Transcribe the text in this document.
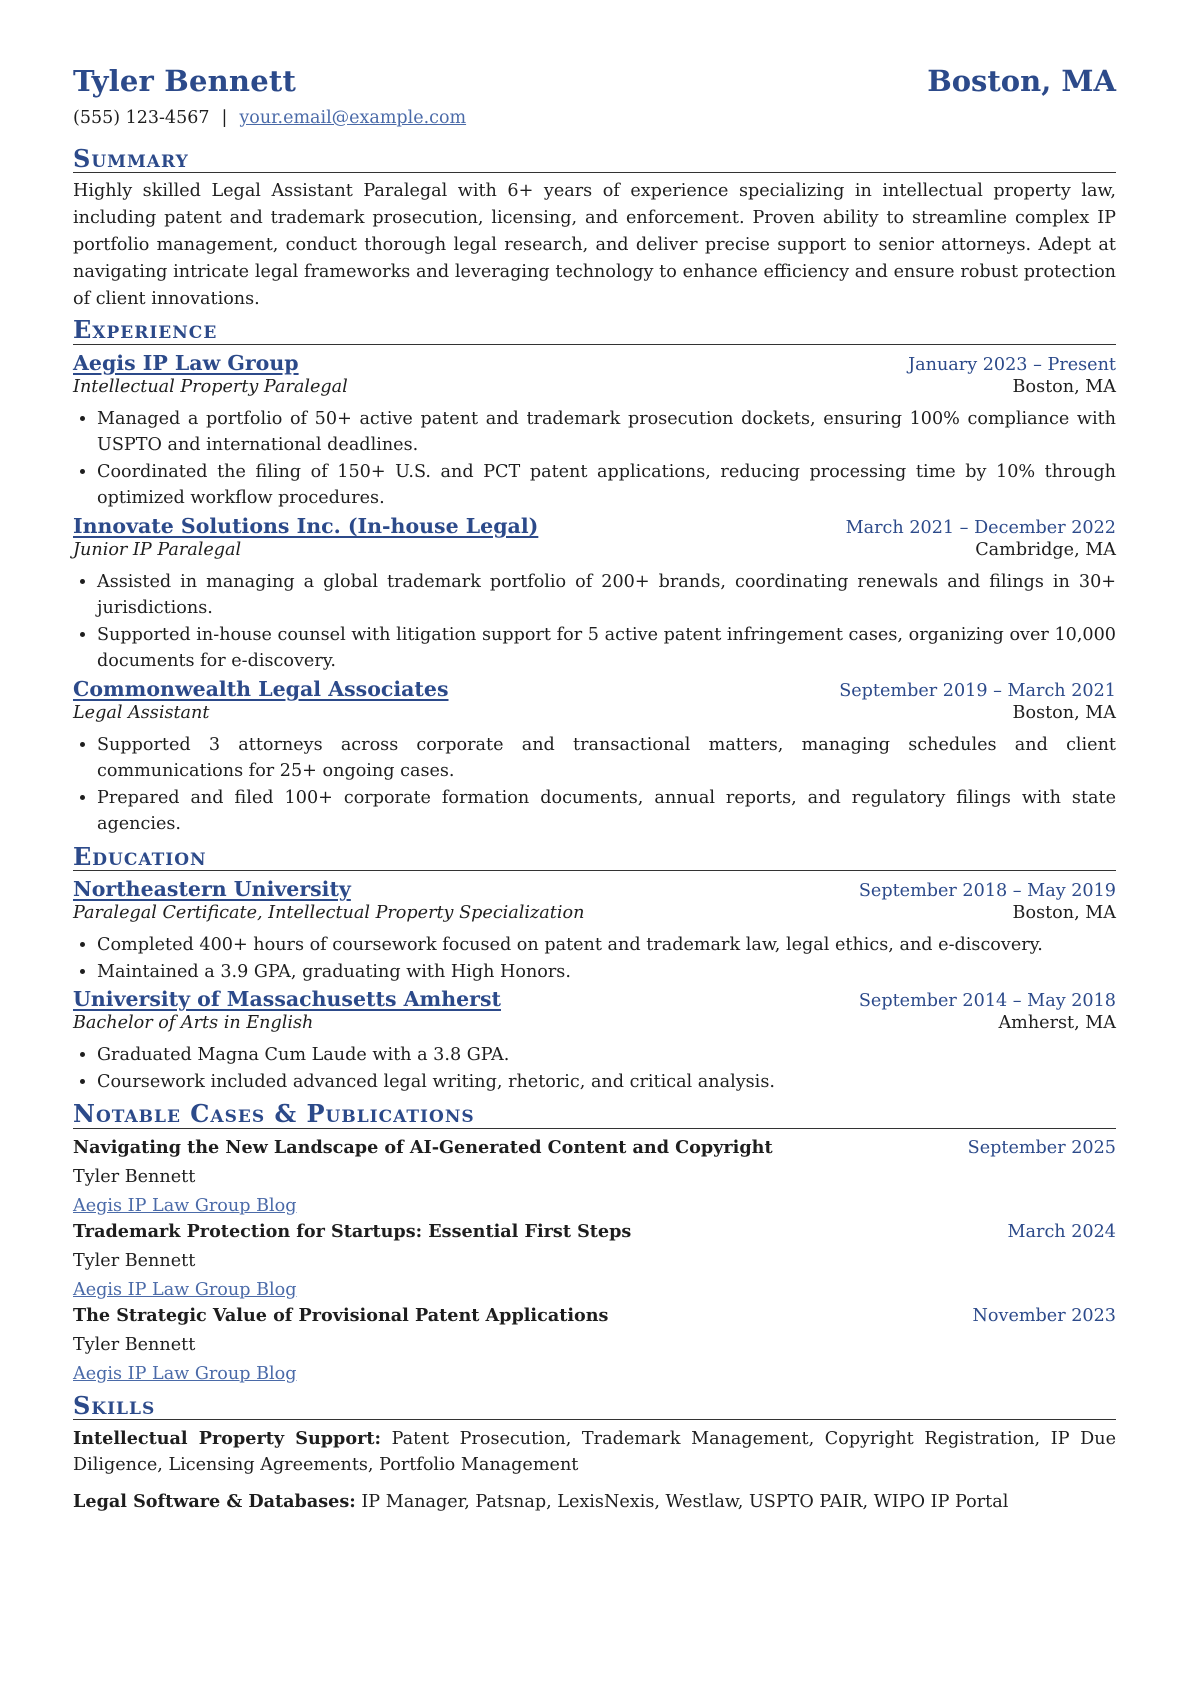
Tyler Bennett	Boston, MA
(555) 123-4567 | your.email@example.com
Summary
Highly skilled Legal Assistant Paralegal with 6+ years of experience specializing in intellectual property law, including patent and trademark prosecution, licensing, and enforcement. Proven ability to streamline complex IP portfolio management, conduct thorough legal research, and deliver precise support to senior attorneys. Adept at navigating intricate legal frameworks and leveraging technology to enhance efficiency and ensure robust protection of client innovations.
Experience
Aegis IP Law Group	January 2023 – Present
Intellectual Property Paralegal	Boston, MA
• Managed a portfolio of 50+ active patent and trademark prosecution dockets, ensuring 100% compliance with USPTO and international deadlines.
• Coordinated the filing of 150+ U.S. and PCT patent applications, reducing processing time by 10% through optimized workflow procedures.
Innovate Solutions Inc. (In-house Legal)	March 2021 – December 2022
Junior IP Paralegal	Cambridge, MA
• Assisted in managing a global trademark portfolio of 200+ brands, coordinating renewals and filings in 30+ jurisdictions.
• Supported in-house counsel with litigation support for 5 active patent infringement cases, organizing over 10,000 documents for e-discovery.
Commonwealth Legal Associates	September 2019 – March 2021
Legal Assistant	Boston, MA
• Supported 3 attorneys across corporate and transactional matters, managing schedules and client communications for 25+ ongoing cases.
• Prepared and filed 100+ corporate formation documents, annual reports, and regulatory filings with state agencies.
Education
Northeastern University	September 2018 – May 2019
Paralegal Certificate, Intellectual Property Specialization	Boston, MA
• Completed 400+ hours of coursework focused on patent and trademark law, legal ethics, and e-discovery.
• Maintained a 3.9 GPA, graduating with High Honors.
University of Massachusetts Amherst	September 2014 – May 2018
Bachelor of Arts in English	Amherst, MA
• Graduated Magna Cum Laude with a 3.8 GPA.
• Coursework included advanced legal writing, rhetoric, and critical analysis.
Notable Cases & Publications
Navigating the New Landscape of AI-Generated Content and Copyright	September 2025
Tyler Bennett
Aegis IP Law Group Blog
Trademark Protection for Startups: Essential First Steps	March 2024
Tyler Bennett
Aegis IP Law Group Blog
The Strategic Value of Provisional Patent Applications	November 2023
Tyler Bennett
Aegis IP Law Group Blog
Skills
Intellectual Property Support: Patent Prosecution, Trademark Management, Copyright Registration, IP Due Diligence, Licensing Agreements, Portfolio Management
Legal Software & Databases: IP Manager, Patsnap, LexisNexis, Westlaw, USPTO PAIR, WIPO IP Portal
